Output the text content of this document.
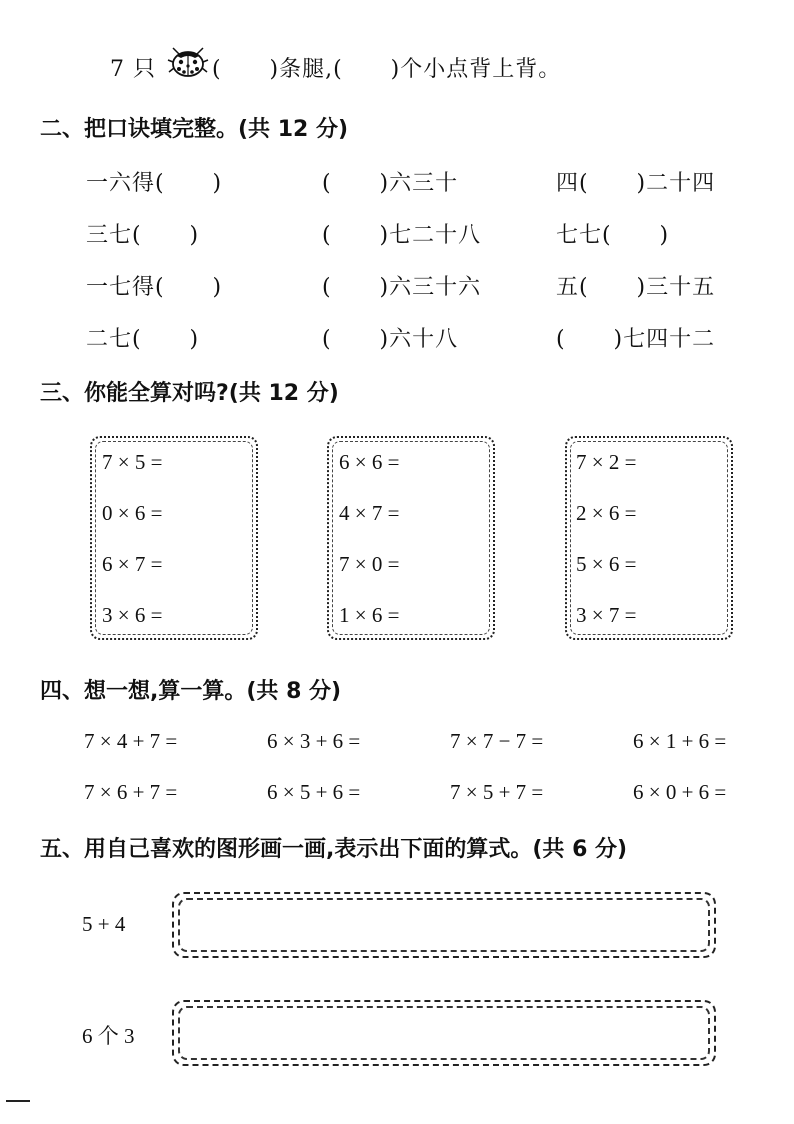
7 只	(      )条腿,(      )个小点背上背。
二、把口诀填完整。(共 12 分)
一六得(      )	(      )六三十	四(      )二十四
三七(      )	(      )七二十八	七七(      )
一七得(      )	(      )六三十六	五(      )三十五
二七(      )	(      )六十八	(      )七四十二
三、你能全算对吗?(共 12 分)
7 × 5 =
0 × 6 =
6 × 7 =
3 × 6 =
6 × 6 =
4 × 7 =
7 × 0 =
1 × 6 =
7 × 2 =
2 × 6 =
5 × 6 =
3 × 7 =
四、想一想,算一算。(共 8 分)
7 × 4 + 7 =	6 × 3 + 6 =	7 × 7 − 7 =	6 × 1 + 6 =
7 × 6 + 7 =	6 × 5 + 6 =	7 × 5 + 7 =	6 × 0 + 6 =
五、用自己喜欢的图形画一画,表示出下面的算式。(共 6 分)
5 + 4
6 个 3
